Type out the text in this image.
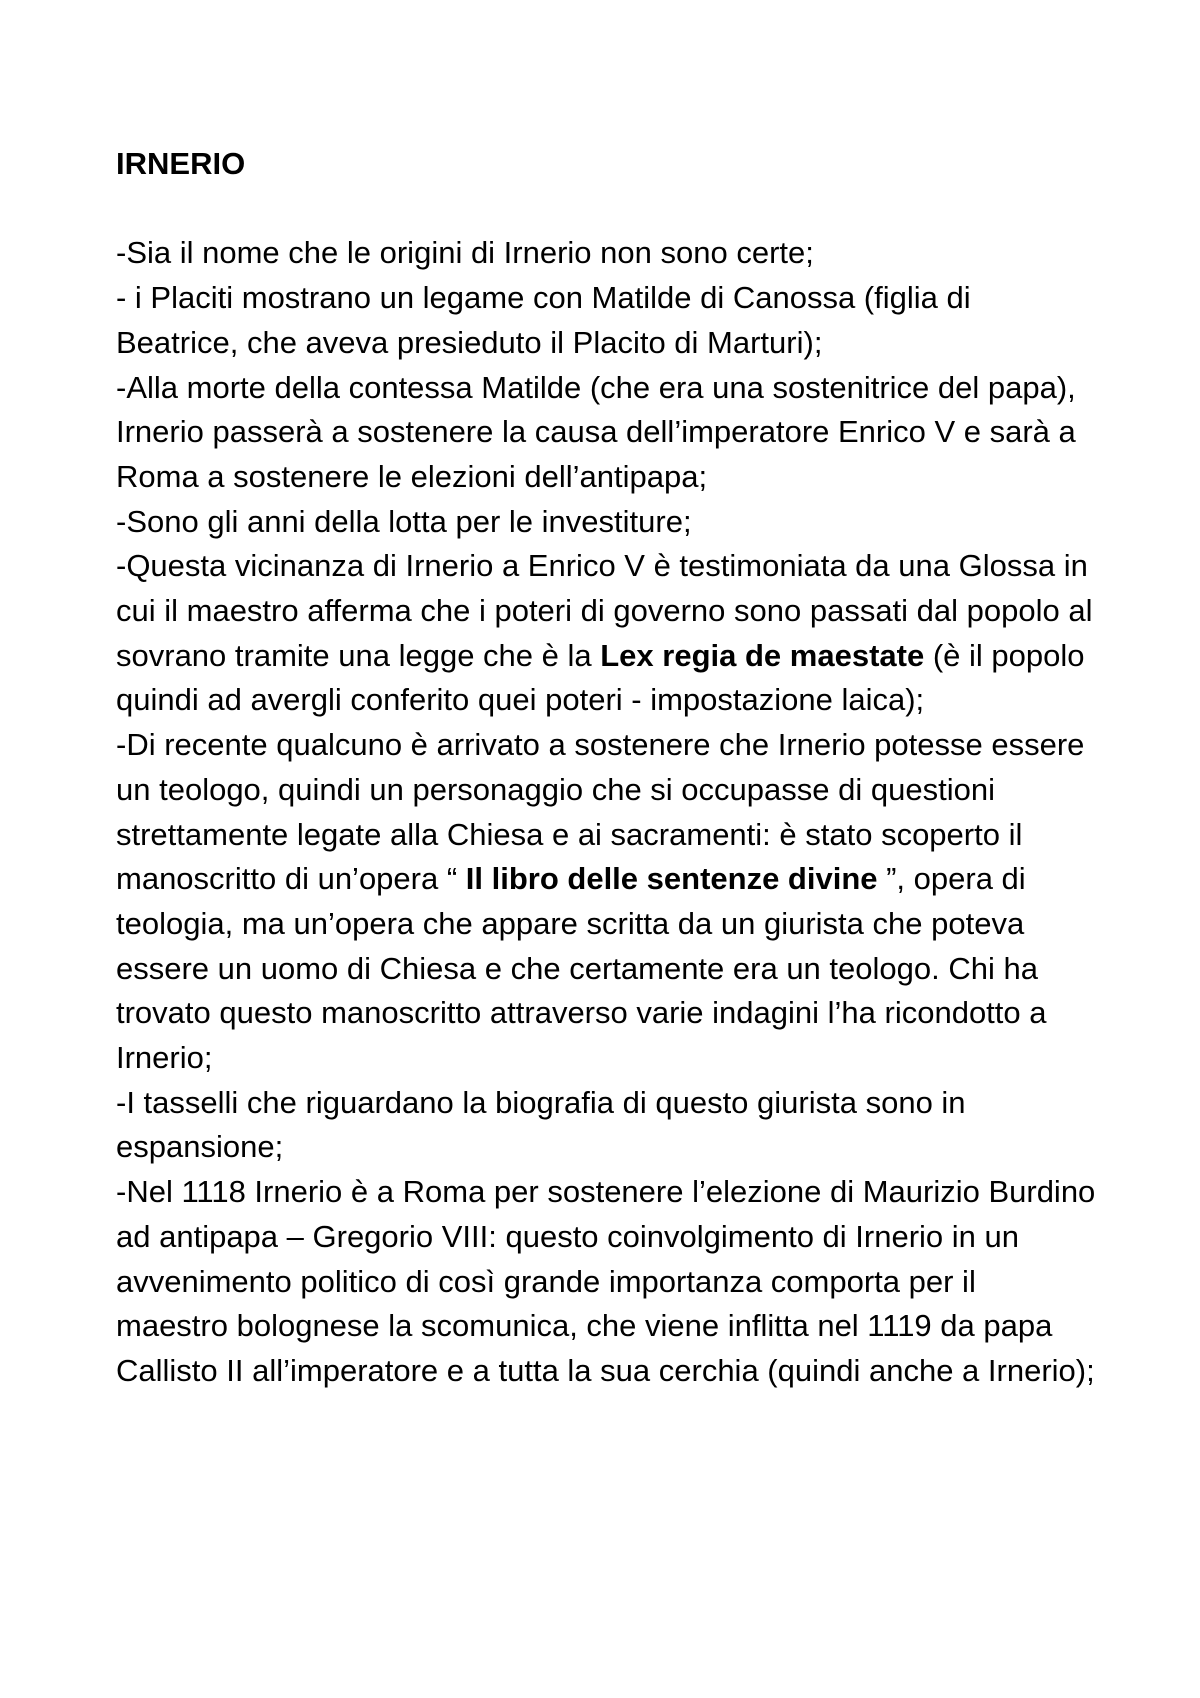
IRNERIO

-Sia il nome che le origini di Irnerio non sono certe;

- i Placiti mostrano un legame con Matilde di Canossa (figlia di Beatrice, che aveva presieduto il Placito di Marturi);

-Alla morte della contessa Matilde (che era una sostenitrice del papa), Irnerio passerà a sostenere la causa dell’imperatore Enrico V e sarà a Roma a sostenere le elezioni dell’antipapa;

-Sono gli anni della lotta per le investiture;

-Questa vicinanza di Irnerio a Enrico V è testimoniata da una Glossa in cui il maestro afferma che i poteri di governo sono passati dal popolo al sovrano tramite una legge che è la Lex regia de maestate (è il popolo quindi ad avergli conferito quei poteri - impostazione laica);

-Di recente qualcuno è arrivato a sostenere che Irnerio potesse essere un teologo, quindi un personaggio che si occupasse di questioni strettamente legate alla Chiesa e ai sacramenti: è stato scoperto il manoscritto di un’opera “ Il libro delle sentenze divine ”, opera di teologia, ma un’opera che appare scritta da un giurista che poteva essere un uomo di Chiesa e che certamente era un teologo. Chi ha trovato questo manoscritto attraverso varie indagini l’ha ricondotto a Irnerio;

-I tasselli che riguardano la biografia di questo giurista sono in espansione;

-Nel 1118 Irnerio è a Roma per sostenere l’elezione di Maurizio Burdino ad antipapa – Gregorio VIII: questo coinvolgimento di Irnerio in un avvenimento politico di così grande importanza comporta per il maestro bolognese la scomunica, che viene inflitta nel 1119 da papa Callisto II all’imperatore e a tutta la sua cerchia (quindi anche a Irnerio);
